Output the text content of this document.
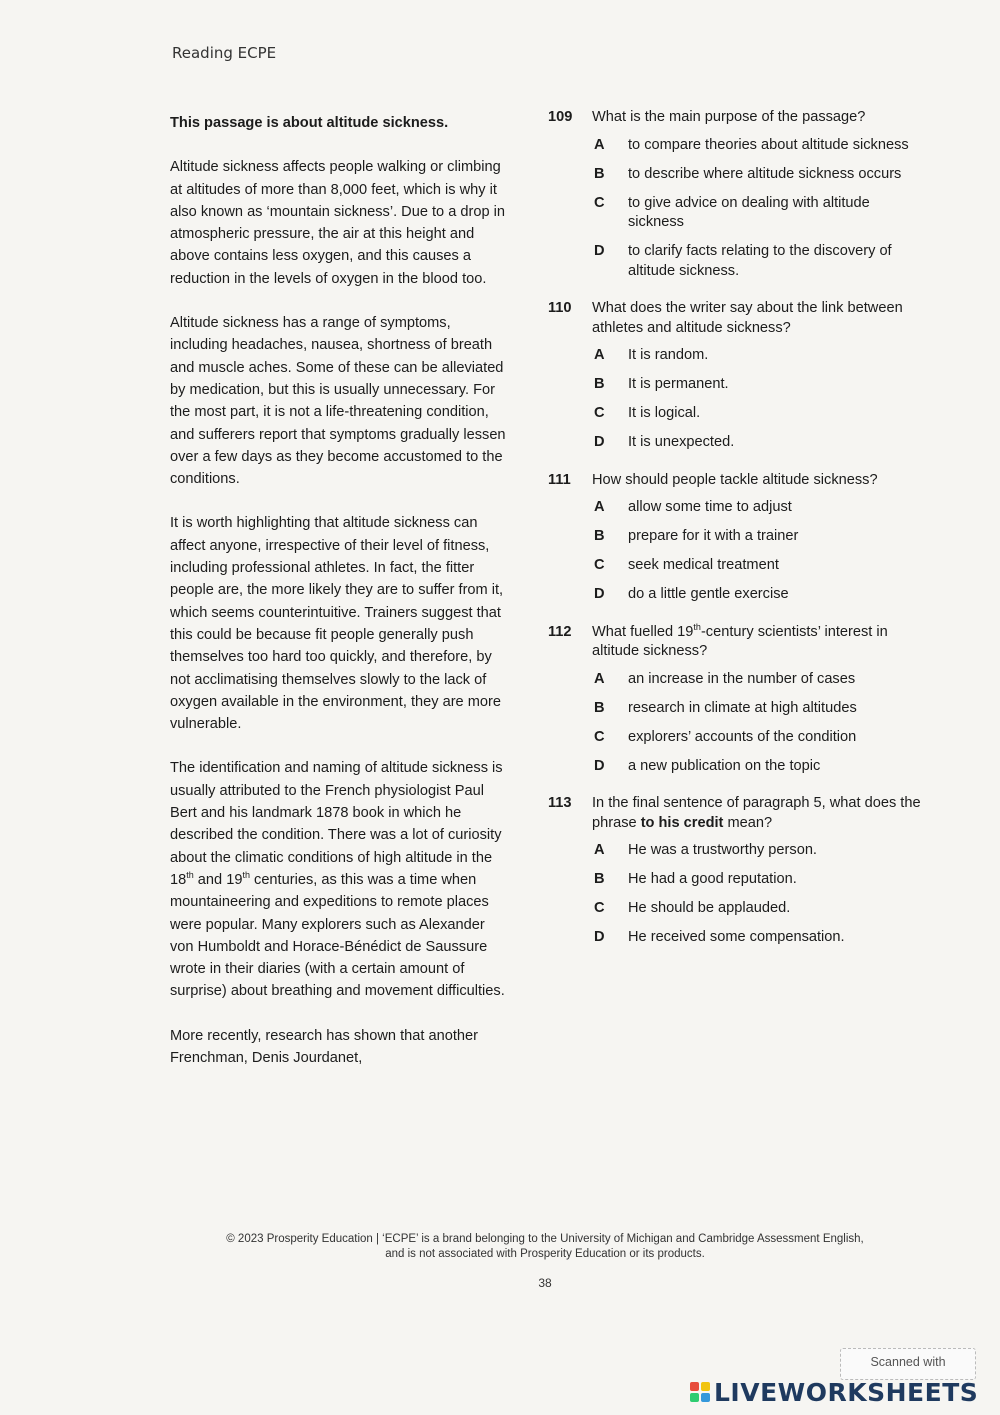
Reading ECPE
This passage is about altitude sickness.

Altitude sickness affects people walking or climbing at altitudes of more than 8,000 feet, which is why it also known as ‘mountain sickness’. Due to a drop in atmospheric pressure, the air at this height and above contains less oxygen, and this causes a reduction in the levels of oxygen in the blood too.

Altitude sickness has a range of symptoms, including headaches, nausea, shortness of breath and muscle aches. Some of these can be alleviated by medication, but this is usually unnecessary. For the most part, it is not a life-threatening condition, and sufferers report that symptoms gradually lessen over a few days as they become accustomed to the conditions.

It is worth highlighting that altitude sickness can affect anyone, irrespective of their level of fitness, including professional athletes. In fact, the fitter people are, the more likely they are to suffer from it, which seems counterintuitive. Trainers suggest that this could be because fit people generally push themselves too hard too quickly, and therefore, by not acclimatising themselves slowly to the lack of oxygen available in the environment, they are more vulnerable.

The identification and naming of altitude sickness is usually attributed to the French physiologist Paul Bert and his landmark 1878 book in which he described the condition. There was a lot of curiosity about the climatic conditions of high altitude in the 18th and 19th centuries, as this was a time when mountaineering and expeditions to remote places were popular. Many explorers such as Alexander von Humboldt and Horace-Bénédict de Saussure wrote in their diaries (with a certain amount of surprise) about breathing and movement difficulties.

More recently, research has shown that another Frenchman, Denis Jourdanet,

109	What is the main purpose of the passage?
A	to compare theories about altitude sickness
B	to describe where altitude sickness occurs
C	to give advice on dealing with altitude sickness
D	to clarify facts relating to the discovery of altitude sickness.
110	What does the writer say about the link between athletes and altitude sickness?
A	It is random.
B	It is permanent.
C	It is logical.
D	It is unexpected.
111	How should people tackle altitude sickness?
A	allow some time to adjust
B	prepare for it with a trainer
C	seek medical treatment
D	do a little gentle exercise
112	What fuelled 19th-century scientists’ interest in altitude sickness?
A	an increase in the number of cases
B	research in climate at high altitudes
C	explorers’ accounts of the condition
D	a new publication on the topic
113	In the final sentence of paragraph 5, what does the phrase to his credit mean?
A	He was a trustworthy person.
B	He had a good reputation.
C	He should be applauded.
D	He received some compensation.
© 2023 Prosperity Education | ‘ECPE’ is a brand belonging to the University of Michigan and Cambridge Assessment English,
and is not associated with Prosperity Education or its products.
38
Scanned with
LIVEWORKSHEETS
